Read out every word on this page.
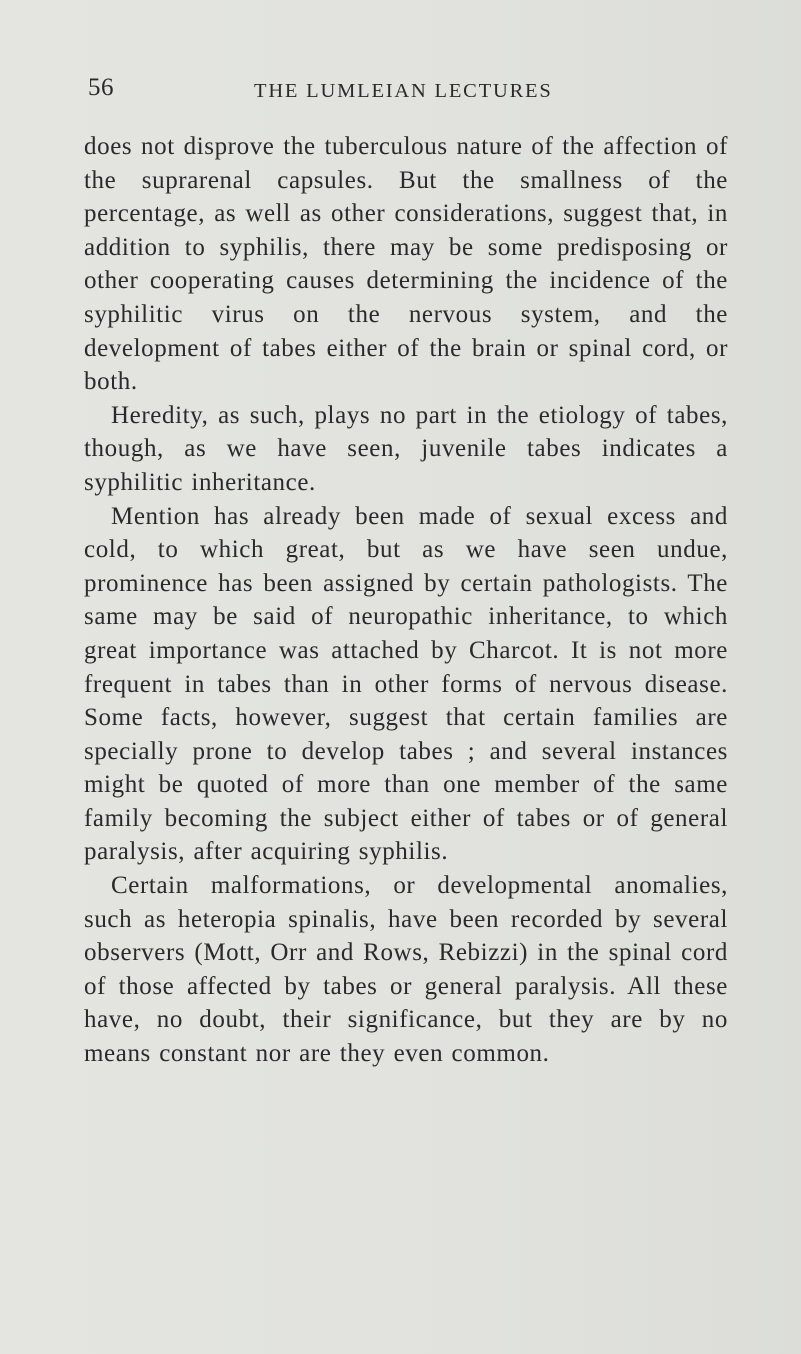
56	THE LUMLEIAN LECTURES

does not disprove the tuberculous nature of the affection of the suprarenal capsules. But the smallness of the percentage, as well as other considerations, suggest that, in addition to syphilis, there may be some predisposing or other cooperating causes determining the incidence of the syphilitic virus on the nervous system, and the development of tabes either of the brain or spinal cord, or both.

Heredity, as such, plays no part in the etiology of tabes, though, as we have seen, juvenile tabes indicates a syphilitic inheritance.

Mention has already been made of sexual excess and cold, to which great, but as we have seen undue, prominence has been assigned by certain pathologists. The same may be said of neuropathic inheritance, to which great importance was attached by Charcot. It is not more frequent in tabes than in other forms of nervous disease. Some facts, however, suggest that certain families are specially prone to develop tabes ; and several instances might be quoted of more than one member of the same family becoming the subject either of tabes or of general paralysis, after acquiring syphilis.

Certain malformations, or developmental anomalies, such as heteropia spinalis, have been recorded by several observers (Mott, Orr and Rows, Rebizzi) in the spinal cord of those affected by tabes or general paralysis. All these have, no doubt, their significance, but they are by no means constant nor are they even common.
